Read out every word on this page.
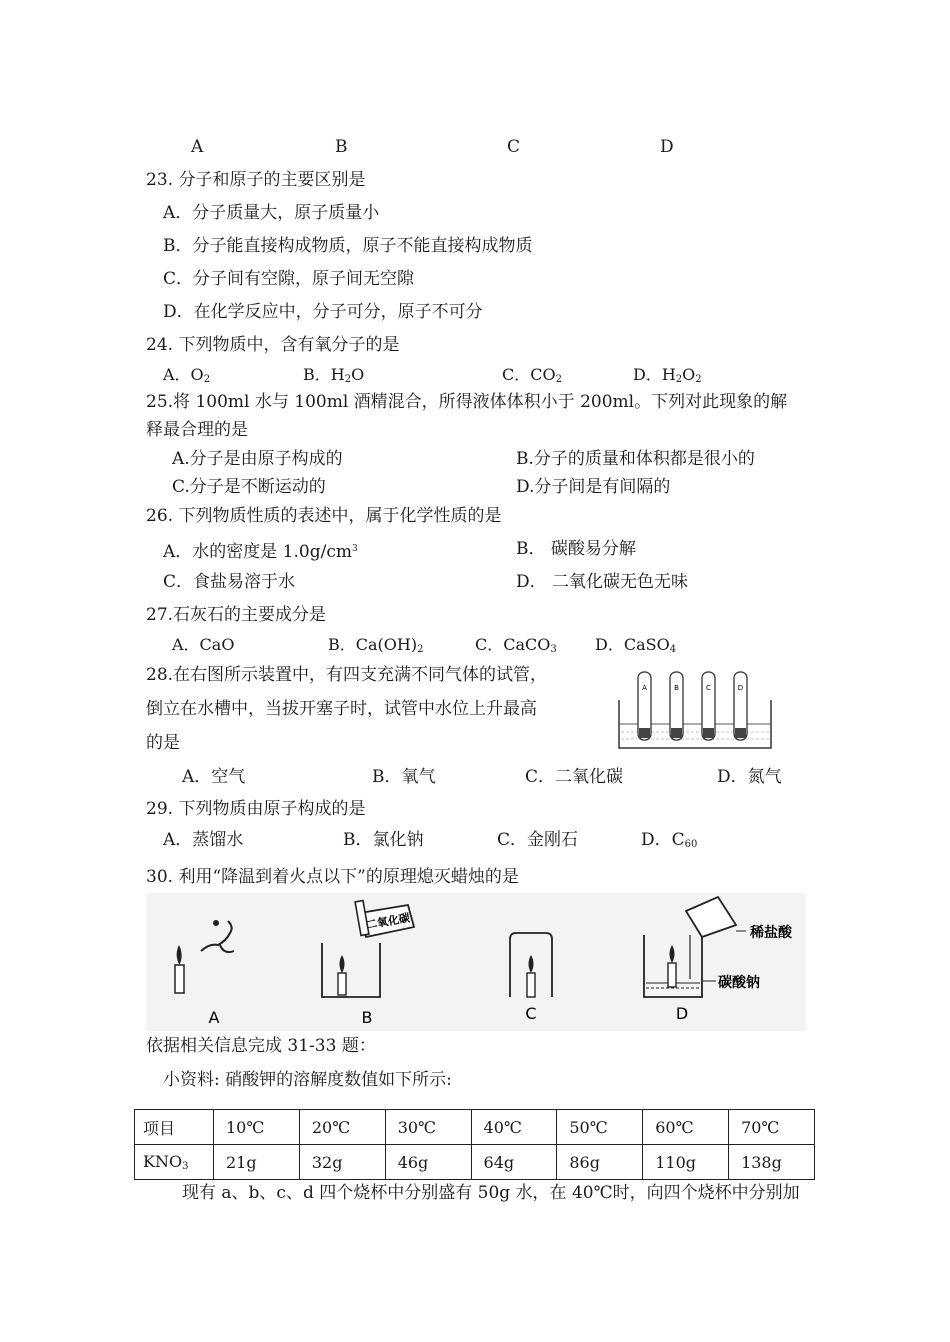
A	B	C	D
23. 分子和原子的主要区别是
A．分子质量大，原子质量小
B．分子能直接构成物质，原子不能直接构成物质
C．分子间有空隙，原子间无空隙
D．在化学反应中，分子可分，原子不可分
24. 下列物质中，含有氧分子的是
A．$O_2$	B．$H_2O$	C．$CO_2$	D．$H_2O_2$
25.将 100ml 水与 100ml 酒精混合，所得液体体积小于 200ml。下列对此现象的解
释最合理的是
A.分子是由原子构成的	B.分子的质量和体积都是很小的
C.分子是不断运动的	D.分子间是有间隔的
26. 下列物质性质的表述中，属于化学性质的是
A．水的密度是 $1.0g/cm^3$	B． 碳酸易分解
C．食盐易溶于水	D． 二氧化碳无色无味
27.石灰石的主要成分是
A．CaO	B．$Ca(OH)_2$	C．CaCO$_3$ D．CaSO$_4$
28.在右图所示装置中，有四支充满不同气体的试管，
倒立在水槽中，当拔开塞子时，试管中水位上升最高
的是
A	B	C	D
A．空气	B．氧气	C．二氧化碳	D．氮气
29. 下列物质由原子构成的是
A．蒸馏水	B．氯化钠	C．金刚石	D．$C_{60}$
30. 利用“降温到着火点以下”的原理熄灭蜡烛的是
A
二氧化碳
B	C
稀盐酸
碳酸钠
D
依据相关信息完成 31-33 题：
小资料: 硝酸钾的溶解度数值如下所示:
项目	10℃	20℃	30℃	40℃	50℃	60℃	70℃
$KNO_3$	21g	32g	46g	64g	86g	110g	138g
现有 a、b、c、d 四个烧杯中分别盛有 50g 水，在 40℃时，向四个烧杯中分别加
